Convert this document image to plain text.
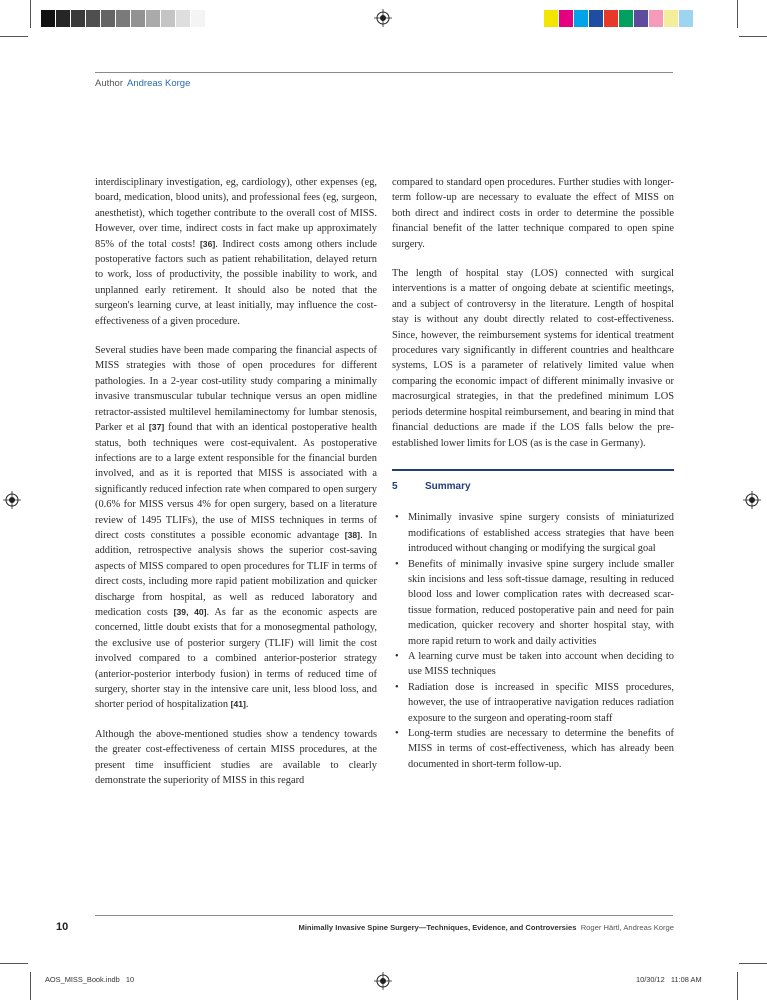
Author Andreas Korge

interdisciplinary investigation, eg, cardiology), other expenses (eg, board, medication, blood units), and professional fees (eg, surgeon, anesthetist), which together contribute to the overall cost of MISS. However, over time, indirect costs in fact make up approximately 85% of the total costs! [36]. Indirect costs among others include postoperative factors such as patient rehabilitation, delayed return to work, loss of productivity, the possible inability to work, and unplanned early retirement. It should also be noted that the surgeon's learning curve, at least initially, may influence the cost-effectiveness of a given procedure.

Several studies have been made comparing the financial aspects of MISS strategies with those of open procedures for different pathologies. In a 2-year cost-utility study comparing a minimally invasive transmuscular tubular technique versus an open midline retractor-assisted multilevel hemilaminectomy for lumbar stenosis, Parker et al [37] found that with an identical postoperative health status, both techniques were cost-equivalent. As postoperative infections are to a large extent responsible for the financial burden involved, and as it is reported that MISS is associated with a significantly reduced infection rate when compared to open surgery (0.6% for MISS versus 4% for open surgery, based on a literature review of 1495 TLIFs), the use of MISS techniques in terms of direct costs constitutes a possible economic advantage [38]. In addition, retrospective analysis shows the superior cost-saving aspects of MISS compared to open procedures for TLIF in terms of direct costs, including more rapid patient mobilization and quicker discharge from hospital, as well as reduced laboratory and medication costs [39, 40]. As far as the economic aspects are concerned, little doubt exists that for a monosegmental pathology, the exclusive use of posterior surgery (TLIF) will limit the cost involved compared to a combined anterior-posterior strategy (anterior-posterior interbody fusion) in terms of reduced time of surgery, shorter stay in the intensive care unit, less blood loss, and shorter period of hospitalization [41].

Although the above-mentioned studies show a tendency towards the greater cost-effectiveness of certain MISS procedures, at the present time insufficient studies are available to clearly demonstrate the superiority of MISS in this regard

compared to standard open procedures. Further studies with longer-term follow-up are necessary to evaluate the effect of MISS on both direct and indirect costs in order to determine the possible financial benefit of the latter technique compared to open spine surgery.

The length of hospital stay (LOS) connected with surgical interventions is a matter of ongoing debate at scientific meetings, and a subject of controversy in the literature. Length of hospital stay is without any doubt directly related to cost-effectiveness. Since, however, the reimbursement systems for identical treatment procedures vary significantly in different countries and healthcare systems, LOS is a parameter of relatively limited value when comparing the economic impact of different minimally invasive or macrosurgical strategies, in that the predefined minimum LOS periods determine hospital reimbursement, and bearing in mind that financial deductions are made if the LOS falls below the pre-established lower limits for LOS (as is the case in Germany).

5	Summary
• Minimally invasive spine surgery consists of miniaturized modifications of established access strategies that have been introduced without changing or modifying the surgical goal
• Benefits of minimally invasive spine surgery include smaller skin incisions and less soft-tissue damage, resulting in reduced blood loss and lower complication rates with decreased scar-tissue formation, reduced postoperative pain and need for pain medication, quicker recovery and shorter hospital stay, with more rapid return to work and daily activities
• A learning curve must be taken into account when deciding to use MISS techniques
• Radiation dose is increased in specific MISS procedures, however, the use of intraoperative navigation reduces radiation exposure to the surgeon and operating-room staff
• Long-term studies are necessary to determine the benefits of MISS in terms of cost-effectiveness, which has already been documented in short-term follow-up.
10	Minimally Invasive Spine Surgery—Techniques, Evidence, and Controversies Roger Härtl, Andreas Korge
AOS_MISS_Book.indb   10	10/30/12   11:08 AM
